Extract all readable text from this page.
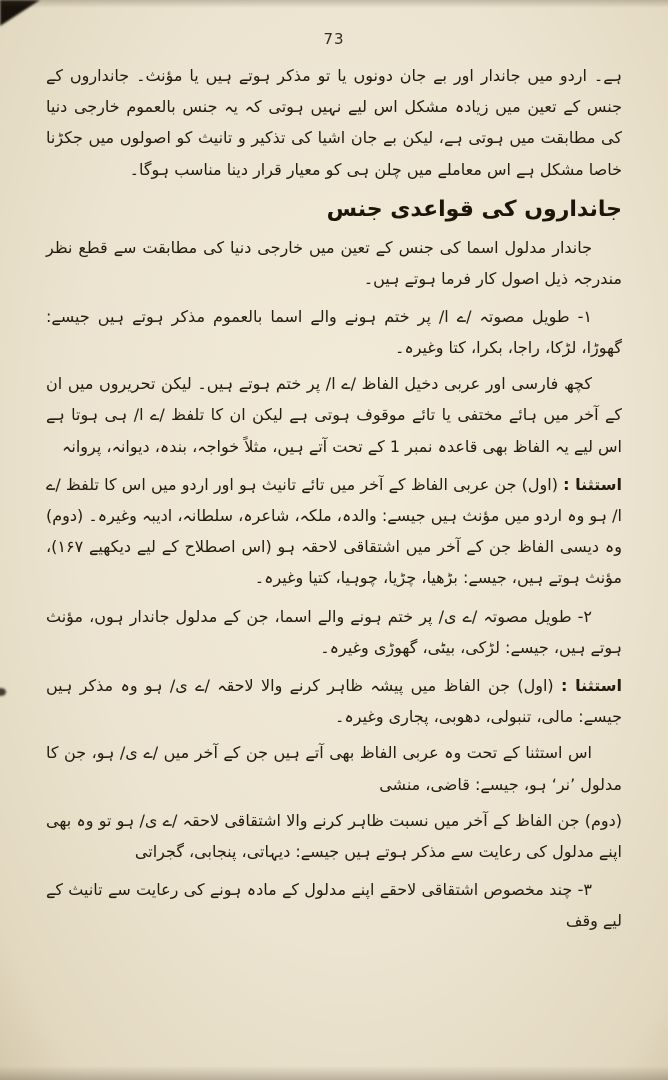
73

ہے۔ اردو میں جاندار اور بے جان دونوں یا تو مذکر ہوتے ہیں یا مؤنث۔ جانداروں کے جنس کے تعین میں زیادہ مشکل اس لیے نہیں ہوتی کہ یہ جنس بالعموم خارجی دنیا کی مطابقت میں ہوتی ہے، لیکن بے جان اشیا کی تذکیر و تانیث کو اصولوں میں جکڑنا خاصا مشکل ہے اس معاملے میں چلن ہی کو معیار قرار دینا مناسب ہوگا۔

جانداروں کی قواعدی جنس

جاندار مدلول اسما کی جنس کے تعین میں خارجی دنیا کی مطابقت سے قطع نظر مندرجہ ذیل اصول کار فرما ہوتے ہیں۔

۱- طویل مصوتہ /ے ا/ پر ختم ہونے والے اسما بالعموم مذکر ہوتے ہیں جیسے: گھوڑا، لڑکا، راجا، بکرا، کتا وغیرہ۔

کچھ فارسی اور عربی دخیل الفاظ /ے ا/ پر ختم ہوتے ہیں۔ لیکن تحریروں میں ان کے آخر میں ہائے مختفی یا تائے موقوف ہوتی ہے لیکن ان کا تلفظ /ے ا/ ہی ہوتا ہے اس لیے یہ الفاظ بھی قاعدہ نمبر 1 کے تحت آتے ہیں، مثلاً خواجہ، بندہ، دیوانہ، پروانہ

استثنا : (اول) جن عربی الفاظ کے آخر میں تائے تانیث ہو اور اردو میں اس کا تلفظ /ے ا/ ہو وہ اردو میں مؤنث ہیں جیسے: والدہ، ملکہ، شاعرہ، سلطانہ، ادیبہ وغیرہ۔ (دوم) وہ دیسی الفاظ جن کے آخر میں اشتقاقی لاحقہ ہو (اس اصطلاح کے لیے دیکھیے ۱۶۷)، مؤنث ہوتے ہیں، جیسے: بڑھیا، چڑیا، چوہیا، کتیا وغیرہ۔

۲- طویل مصوتہ /ے ی/ پر ختم ہونے والے اسما، جن کے مدلول جاندار ہوں، مؤنث ہوتے ہیں، جیسے: لڑکی، بیٹی، گھوڑی وغیرہ۔

استثنا : (اول) جن الفاظ میں پیشہ ظاہر کرنے والا لاحقہ /ے ی/ ہو وہ مذکر ہیں جیسے: مالی، تنبولی، دھوبی، پجاری وغیرہ۔

اس استثنا کے تحت وہ عربی الفاظ بھی آتے ہیں جن کے آخر میں /ے ی/ ہو، جن کا مدلول ’نر‘ ہو، جیسے: قاضی، منشی

(دوم) جن الفاظ کے آخر میں نسبت ظاہر کرنے والا اشتقاقی لاحقہ /ے ی/ ہو تو وہ بھی اپنے مدلول کی رعایت سے مذکر ہوتے ہیں جیسے: دیہاتی، پنجابی، گجراتی

۳- چند مخصوص اشتقاقی لاحقے اپنے مدلول کے مادہ ہونے کی رعایت سے تانیث کے لیے وقف
